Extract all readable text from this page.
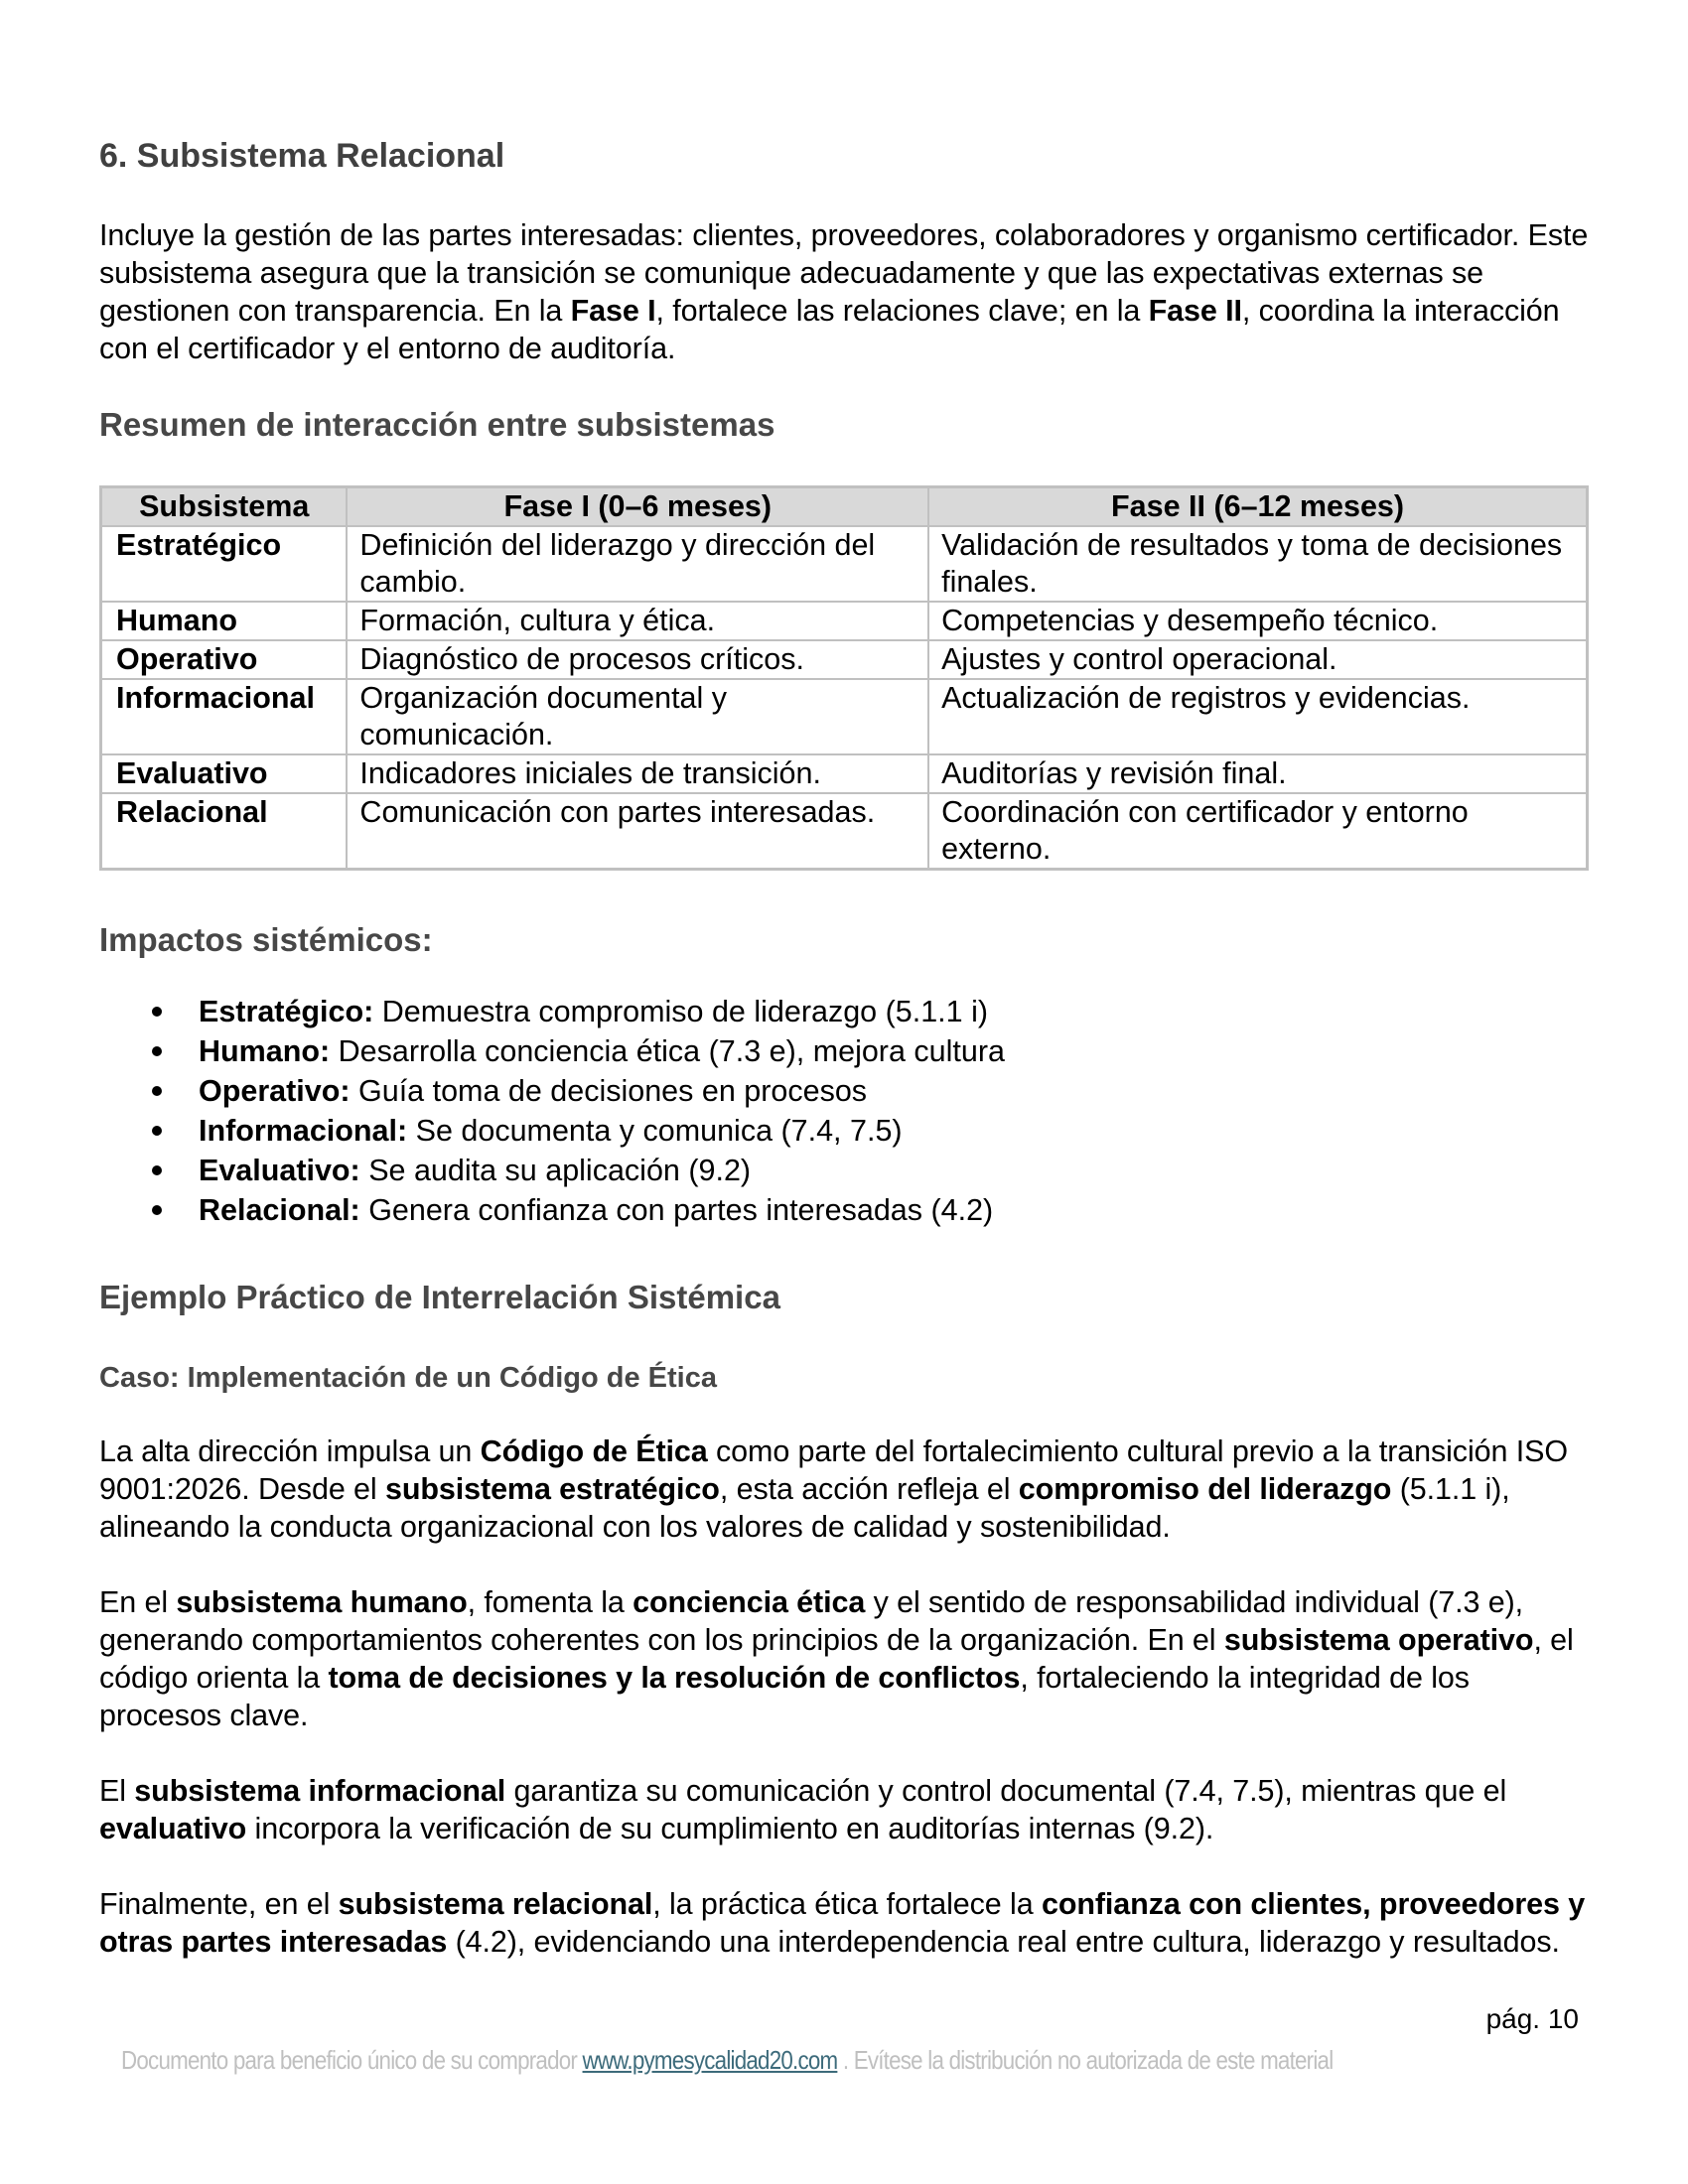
6. Subsistema Relacional
Incluye la gestión de las partes interesadas: clientes, proveedores, colaboradores y organismo certificador. Este subsistema asegura que la transición se comunique adecuadamente y que las expectativas externas se gestionen con transparencia. En la Fase I, fortalece las relaciones clave; en la Fase II, coordina la interacción con el certificador y el entorno de auditoría.
Resumen de interacción entre subsistemas
Subsistema	Fase I (0–6 meses)	Fase II (6–12 meses)
Estratégico	Definición del liderazgo y dirección del cambio.	Validación de resultados y toma de decisiones finales.
Humano	Formación, cultura y ética.	Competencias y desempeño técnico.
Operativo	Diagnóstico de procesos críticos.	Ajustes y control operacional.
Informacional	Organización documental y comunicación.	Actualización de registros y evidencias.
Evaluativo	Indicadores iniciales de transición.	Auditorías y revisión final.
Relacional	Comunicación con partes interesadas.	Coordinación con certificador y entorno externo.
Impactos sistémicos:
Estratégico: Demuestra compromiso de liderazgo (5.1.1 i)
Humano: Desarrolla conciencia ética (7.3 e), mejora cultura
Operativo: Guía toma de decisiones en procesos
Informacional: Se documenta y comunica (7.4, 7.5)
Evaluativo: Se audita su aplicación (9.2)
Relacional: Genera confianza con partes interesadas (4.2)
Ejemplo Práctico de Interrelación Sistémica
Caso: Implementación de un Código de Ética
La alta dirección impulsa un Código de Ética como parte del fortalecimiento cultural previo a la transición ISO 9001:2026. Desde el subsistema estratégico, esta acción refleja el compromiso del liderazgo (5.1.1 i), alineando la conducta organizacional con los valores de calidad y sostenibilidad.
En el subsistema humano, fomenta la conciencia ética y el sentido de responsabilidad individual (7.3 e), generando comportamientos coherentes con los principios de la organización. En el subsistema operativo, el código orienta la toma de decisiones y la resolución de conflictos, fortaleciendo la integridad de los procesos clave.
El subsistema informacional garantiza su comunicación y control documental (7.4, 7.5), mientras que el evaluativo incorpora la verificación de su cumplimiento en auditorías internas (9.2).
Finalmente, en el subsistema relacional, la práctica ética fortalece la confianza con clientes, proveedores y otras partes interesadas (4.2), evidenciando una interdependencia real entre cultura, liderazgo y resultados.
pág. 10
Documento para beneficio único de su comprador www.pymesycalidad20.com . Evítese la distribución no autorizada de este material
